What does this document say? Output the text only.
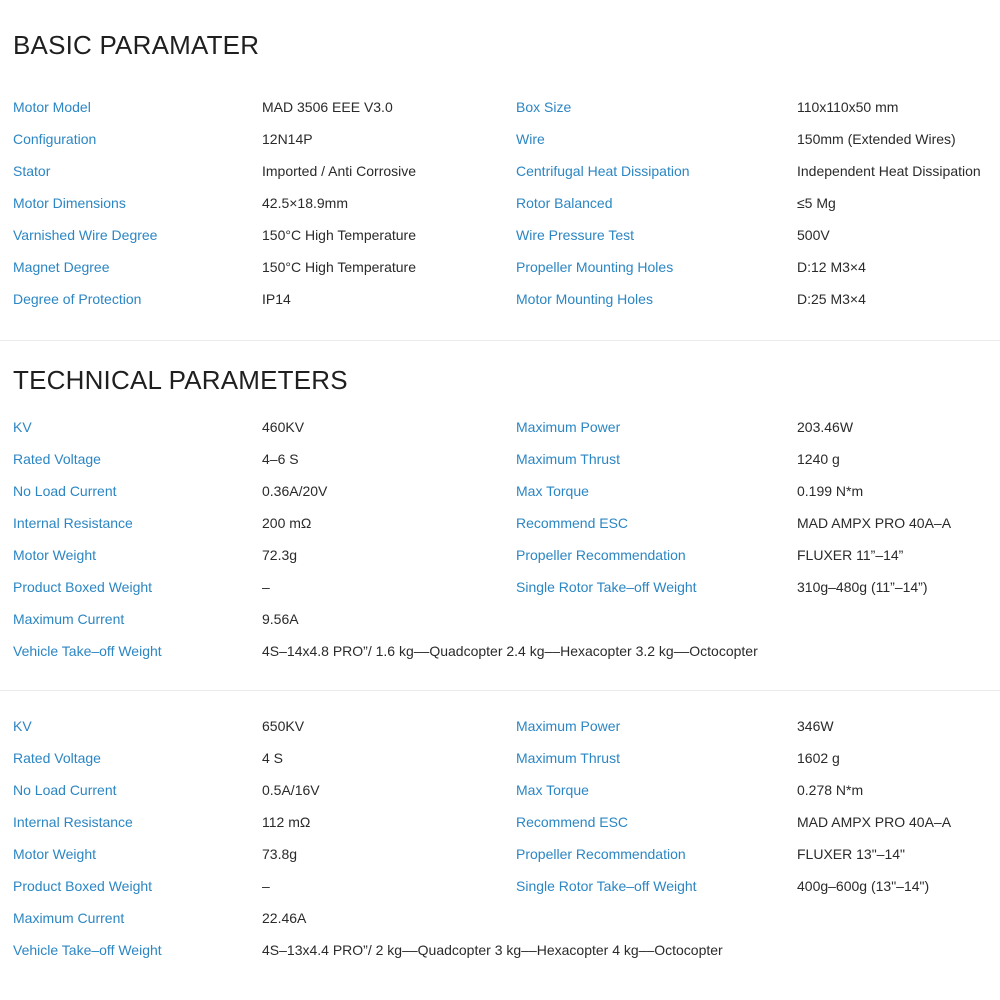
BASIC PARAMATER
Motor Model	MAD 3506 EEE V3.0	Box Size	110x110x50 mm
Configuration	12N14P	Wire	150mm (Extended Wires)
Stator	Imported / Anti Corrosive	Centrifugal Heat Dissipation	Independent Heat Dissipation
Motor Dimensions	42.5×18.9mm	Rotor Balanced	≤5 Mg
Varnished Wire Degree	150°C High Temperature	Wire Pressure Test	500V
Magnet Degree	150°C High Temperature	Propeller Mounting Holes	D:12 M3×4
Degree of Protection	IP14	Motor Mounting Holes	D:25 M3×4
TECHNICAL PARAMETERS
KV	460KV	Maximum Power	203.46W
Rated Voltage	4–6 S	Maximum Thrust	1240 g
No Load Current	0.36A/20V	Max Torque	0.199 N*m
Internal Resistance	200 mΩ	Recommend ESC	MAD AMPX PRO 40A–A
Motor Weight	72.3g	Propeller Recommendation	FLUXER 11”–14”
Product Boxed Weight	–	Single Rotor Take–off Weight	310g–480g (11”–14”)
Maximum Current	9.56A
Vehicle Take–off Weight	4S–14x4.8 PRO”/ 1.6 kg––Quadcopter 2.4 kg––Hexacopter 3.2 kg––Octocopter
KV	650KV	Maximum Power	346W
Rated Voltage	4 S	Maximum Thrust	1602 g
No Load Current	0.5A/16V	Max Torque	0.278 N*m
Internal Resistance	112 mΩ	Recommend ESC	MAD AMPX PRO 40A–A
Motor Weight	73.8g	Propeller Recommendation	FLUXER 13"–14"
Product Boxed Weight	–	Single Rotor Take–off Weight	400g–600g (13"–14")
Maximum Current	22.46A
Vehicle Take–off Weight	4S–13x4.4 PRO”/ 2 kg––Quadcopter 3 kg––Hexacopter 4 kg––Octocopter
